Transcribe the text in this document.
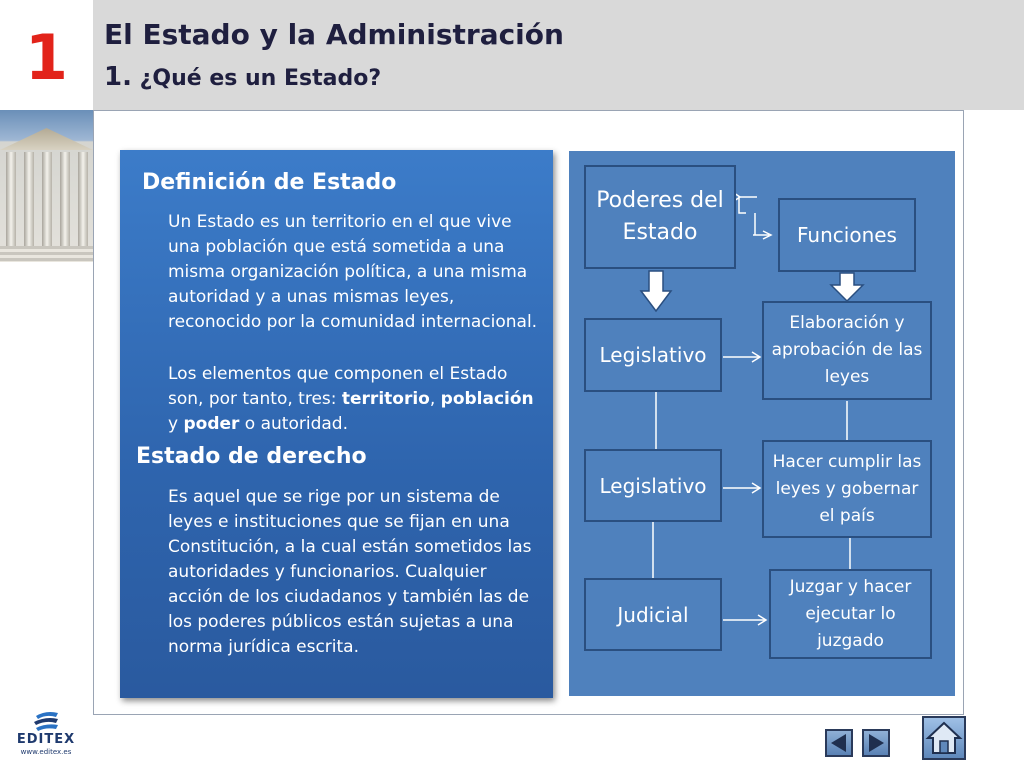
1	El Estado y la Administración
1. ¿Qué es un Estado?
Definición de Estado
Un Estado es un territorio en el que vive una población que está sometida a una misma organización política, a una misma autoridad y a unas mismas leyes, reconocido por la comunidad internacional.
Los elementos que componen el Estado son, por tanto, tres: territorio, población y poder o autoridad.
Estado de derecho
Es aquel que se rige por un sistema de leyes e instituciones que se fijan en una Constitución, a la cual están sometidos las autoridades y funcionarios. Cualquier acción de los ciudadanos y también las de los poderes públicos están sujetas a una norma jurídica escrita.
Poderes del Estado	Funciones
Legislativo
Elaboración y aprobación de las leyes
Legislativo
Hacer cumplir las leyes y gobernar el país
Judicial
Juzgar y hacer ejecutar lo juzgado
EDITEX
www.editex.es
